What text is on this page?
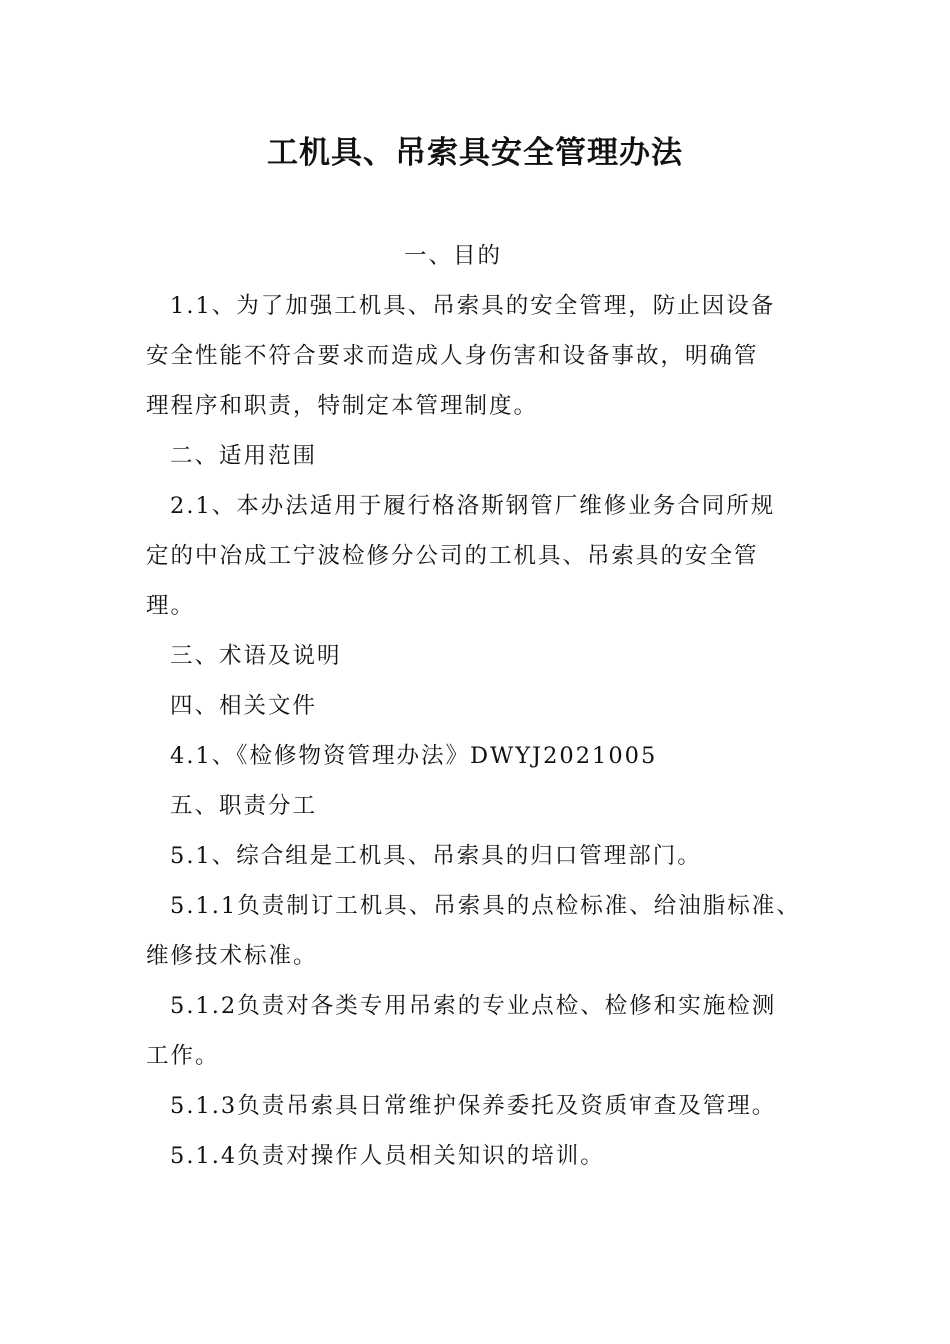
工机具、吊索具安全管理办法

一、目的

1.1、为了加强工机具、吊索具的安全管理，防止因设备

安全性能不符合要求而造成人身伤害和设备事故，明确管

理程序和职责，特制定本管理制度。

二、适用范围

2.1、本办法适用于履行格洛斯钢管厂维修业务合同所规

定的中冶成工宁波检修分公司的工机具、吊索具的安全管

理。

三、术语及说明

四、相关文件

4.1、《检修物资管理办法》DWYJ2021005

五、职责分工

5.1、综合组是工机具、吊索具的归口管理部门。

5.1.1负责制订工机具、吊索具的点检标准、给油脂标准、

维修技术标准。

5.1.2负责对各类专用吊索的专业点检、检修和实施检测

工作。

5.1.3负责吊索具日常维护保养委托及资质审查及管理。

5.1.4负责对操作人员相关知识的培训。
